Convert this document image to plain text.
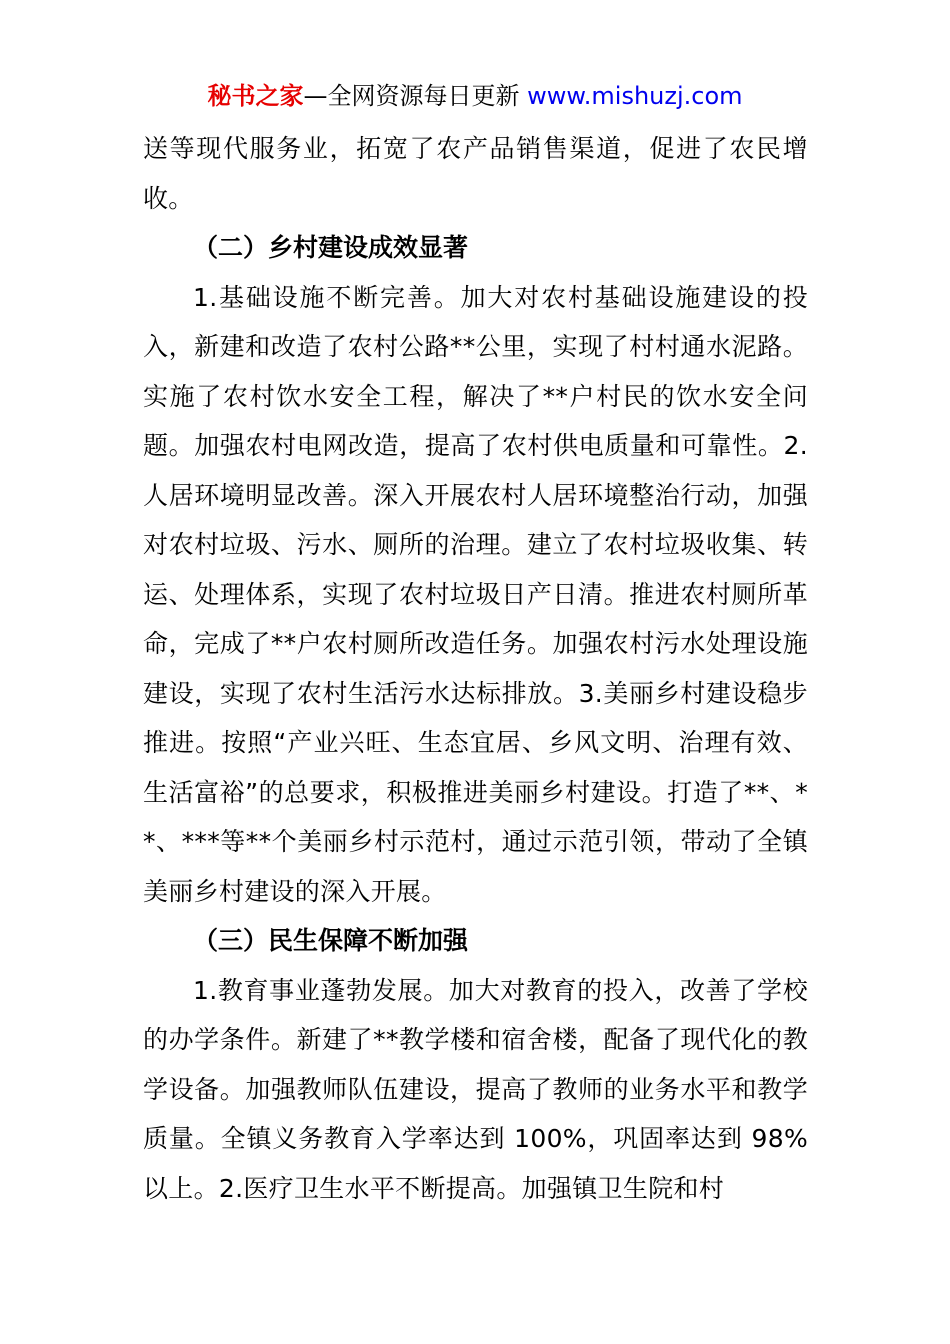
秘书之家—全网资源每日更新 www.mishuzj.com

送等现代服务业，拓宽了农产品销售渠道，促进了农民增收。

（二）乡村建设成效显著

1.基础设施不断完善。加大对农村基础设施建设的投入，新建和改造了农村公路**公里，实现了村村通水泥路。实施了农村饮水安全工程，解决了**户村民的饮水安全问题。加强农村电网改造，提高了农村供电质量和可靠性。2.人居环境明显改善。深入开展农村人居环境整治行动，加强对农村垃圾、污水、厕所的治理。建立了农村垃圾收集、转运、处理体系，实现了农村垃圾日产日清。推进农村厕所革命，完成了**户农村厕所改造任务。加强农村污水处理设施建设，实现了农村生活污水达标排放。3.美丽乡村建设稳步推进。按照“产业兴旺、生态宜居、乡风文明、治理有效、生活富裕”的总要求，积极推进美丽乡村建设。打造了**、**、***等**个美丽乡村示范村，通过示范引领，带动了全镇美丽乡村建设的深入开展。

（三）民生保障不断加强

1.教育事业蓬勃发展。加大对教育的投入，改善了学校的办学条件。新建了**教学楼和宿舍楼，配备了现代化的教学设备。加强教师队伍建设，提高了教师的业务水平和教学质量。全镇义务教育入学率达到 100%，巩固率达到 98%以上。2.医疗卫生水平不断提高。加强镇卫生院和村
